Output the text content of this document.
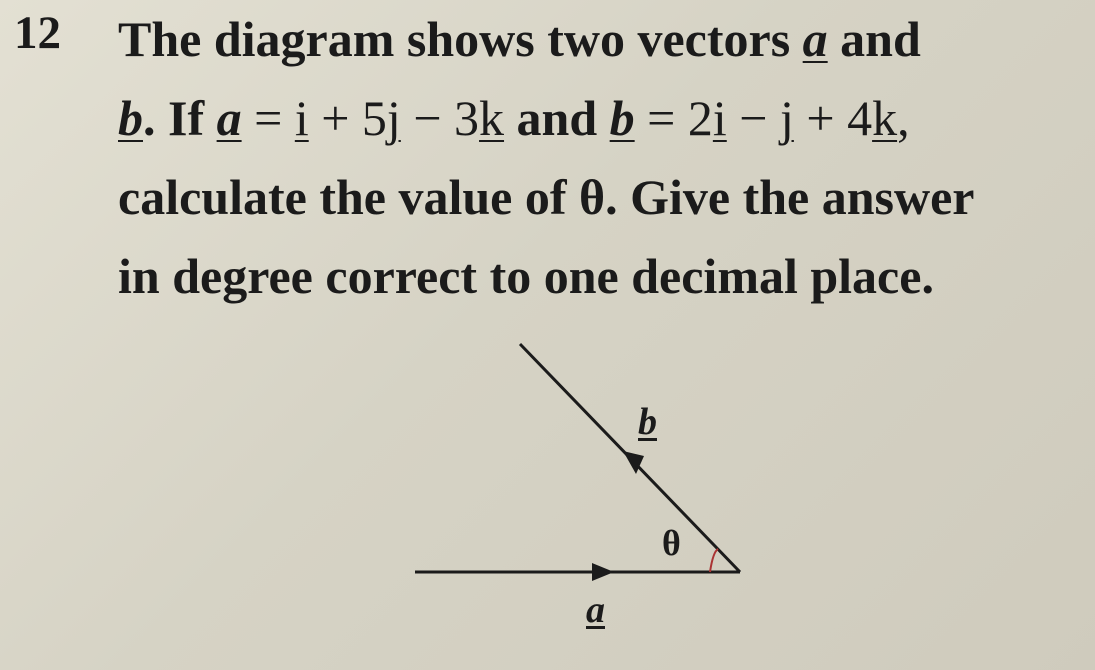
12 The diagram shows two vectors a and
b. If a = i + 5j − 3k and b = 2i − j + 4k,
calculate the value of θ. Give the answer
in degree correct to one decimal place.
b
θ
a
